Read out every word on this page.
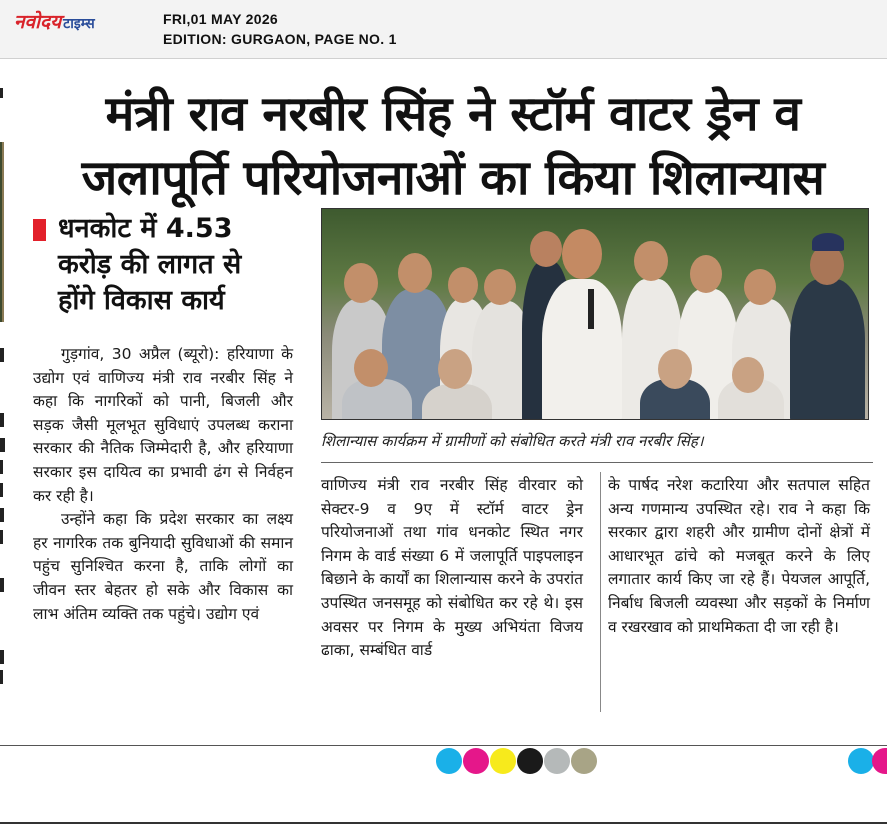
नवोदय टाइम्स	FRI,01 MAY 2026
EDITION: GURGAON, PAGE NO. 1
मंत्री राव नरबीर सिंह ने स्टॉर्म वाटर ड्रेन व
जलापूर्ति परियोजनाओं का किया शिलान्यास
धनकोट में 4.53
करोड़ की लागत से
होंगे विकास कार्य
शिलान्यास कार्यक्रम में ग्रामीणों को संबोधित करते मंत्री राव नरबीर सिंह।

गुड़गांव, 30 अप्रैल (ब्यूरो): हरियाणा के उद्योग एवं वाणिज्य मंत्री राव नरबीर सिंह ने कहा कि नागरिकों को पानी, बिजली और सड़क जैसी मूलभूत सुविधाएं उपलब्ध कराना सरकार की नैतिक जिम्मेदारी है, और हरियाणा सरकार इस दायित्व का प्रभावी ढंग से निर्वहन कर रही है।

उन्होंने कहा कि प्रदेश सरकार का लक्ष्य हर नागरिक तक बुनियादी सुविधाओं की समान पहुंच सुनिश्चित करना है, ताकि लोगों का जीवन स्तर बेहतर हो सके और विकास का लाभ अंतिम व्यक्ति तक पहुंचे। उद्योग एवं

वाणिज्य मंत्री राव नरबीर सिंह वीरवार को सेक्टर-9 व 9ए में स्टॉर्म वाटर ड्रेन परियोजनाओं तथा गांव धनकोट स्थित नगर निगम के वार्ड संख्या 6 में जलापूर्ति पाइपलाइन बिछाने के कार्यों का शिलान्यास करने के उपरांत उपस्थित जनसमूह को संबोधित कर रहे थे। इस अवसर पर निगम के मुख्य अभियंता विजय ढाका, सम्बंधित वार्ड

के पार्षद नरेश कटारिया और सतपाल सहित अन्य गणमान्य उपस्थित रहे। राव ने कहा कि सरकार द्वारा शहरी और ग्रामीण दोनों क्षेत्रों में आधारभूत ढांचे को मजबूत करने के लिए लगातार कार्य किए जा रहे हैं। पेयजल आपूर्ति, निर्बाध बिजली व्यवस्था और सड़कों के निर्माण व रखरखाव को प्राथमिकता दी जा रही है।
